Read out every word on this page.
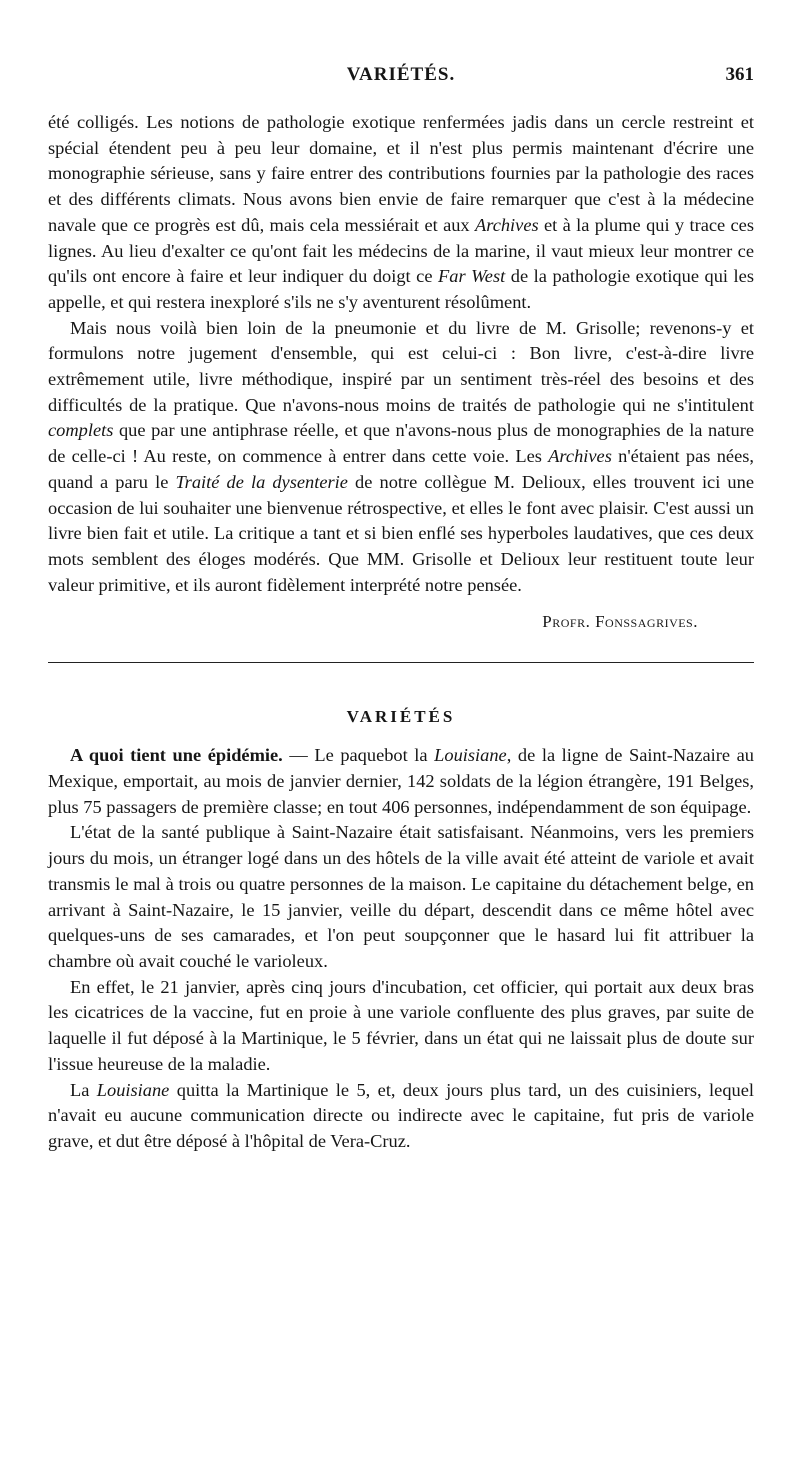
VARIÉTÉS.	361

été colligés. Les notions de pathologie exotique renfermées jadis dans un cercle restreint et spécial étendent peu à peu leur domaine, et il n'est plus permis maintenant d'écrire une monographie sérieuse, sans y faire entrer des contributions fournies par la pathologie des races et des différents climats. Nous avons bien envie de faire remarquer que c'est à la médecine navale que ce progrès est dû, mais cela messiérait et aux Archives et à la plume qui y trace ces lignes. Au lieu d'exalter ce qu'ont fait les médecins de la marine, il vaut mieux leur montrer ce qu'ils ont encore à faire et leur indiquer du doigt ce Far West de la pathologie exotique qui les appelle, et qui restera inexploré s'ils ne s'y aventurent résolûment.

Mais nous voilà bien loin de la pneumonie et du livre de M. Grisolle; revenons-y et formulons notre jugement d'ensemble, qui est celui-ci : Bon livre, c'est-à-dire livre extrêmement utile, livre méthodique, inspiré par un sentiment très-réel des besoins et des difficultés de la pratique. Que n'avons-nous moins de traités de pathologie qui ne s'intitulent complets que par une antiphrase réelle, et que n'avons-nous plus de monographies de la nature de celle-ci ! Au reste, on commence à entrer dans cette voie. Les Archives n'étaient pas nées, quand a paru le Traité de la dysenterie de notre collègue M. Delioux, elles trouvent ici une occasion de lui souhaiter une bienvenue rétrospective, et elles le font avec plaisir. C'est aussi un livre bien fait et utile. La critique a tant et si bien enflé ses hyperboles laudatives, que ces deux mots semblent des éloges modérés. Que MM. Grisolle et Delioux leur restituent toute leur valeur primitive, et ils auront fidèlement interprété notre pensée.

Profr. Fonssagrives.
VARIÉTÉS

A quoi tient une épidémie. — Le paquebot la Louisiane, de la ligne de Saint-Nazaire au Mexique, emportait, au mois de janvier dernier, 142 soldats de la légion étrangère, 191 Belges, plus 75 passagers de première classe; en tout 406 personnes, indépendamment de son équipage.

L'état de la santé publique à Saint-Nazaire était satisfaisant. Néanmoins, vers les premiers jours du mois, un étranger logé dans un des hôtels de la ville avait été atteint de variole et avait transmis le mal à trois ou quatre personnes de la maison. Le capitaine du détachement belge, en arrivant à Saint-Nazaire, le 15 janvier, veille du départ, descendit dans ce même hôtel avec quelques-uns de ses camarades, et l'on peut soupçonner que le hasard lui fit attribuer la chambre où avait couché le varioleux.

En effet, le 21 janvier, après cinq jours d'incubation, cet officier, qui portait aux deux bras les cicatrices de la vaccine, fut en proie à une variole confluente des plus graves, par suite de laquelle il fut déposé à la Martinique, le 5 février, dans un état qui ne laissait plus de doute sur l'issue heureuse de la maladie.

La Louisiane quitta la Martinique le 5, et, deux jours plus tard, un des cuisiniers, lequel n'avait eu aucune communication directe ou indirecte avec le capitaine, fut pris de variole grave, et dut être déposé à l'hôpital de Vera-Cruz.
